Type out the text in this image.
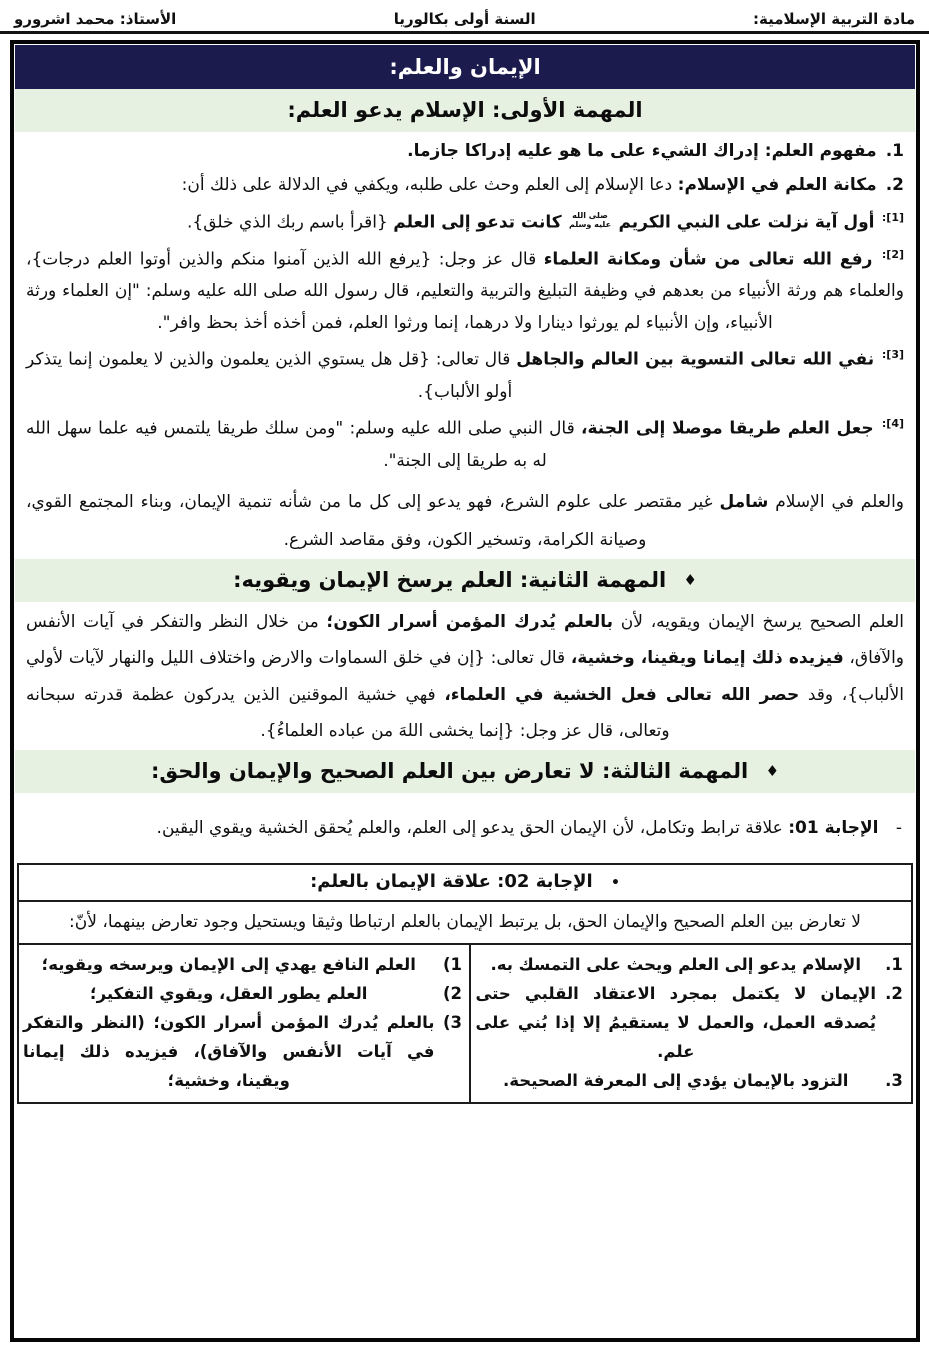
مادة التربية الإسلامية:
السنة أولى بكالوريا
الأستاذ: محمد اشرورو
الإيمان والعلم:
المهمة الأولى: الإسلام يدعو العلم:
1.
مفهوم العلم: إدراك الشيء على ما هو عليه إدراكا جازما.
2.
مكانة العلم في الإسلام: دعا الإسلام إلى العلم وحث على طلبه، ويكفي في الدلالة على ذلك أن:

$^{[1]:}$ أول آية نزلت على النبي الكريم
صلى الله
عليه وسلم
كانت تدعو إلى العلم {اقرأ باسم ربك الذي خلق}.

$^{[2]:}$ رفع الله تعالى من شأن ومكانة العلماء قال عز وجل: {يرفع الله الذين آمنوا منكم والذين أوتوا العلم درجات}، والعلماء هم ورثة الأنبياء من بعدهم في وظيفة التبليغ والتربية والتعليم، قال رسول الله صلى الله عليه وسلم: "إن العلماء ورثة الأنبياء، وإن الأنبياء لم يورثوا دينارا ولا درهما، إنما ورثوا العلم، فمن أخذه أخذ بحظ وافر".

$^{[3]:}$ نفي الله تعالى التسوية بين العالم والجاهل قال تعالى: {قل هل يستوي الذين يعلمون والذين لا يعلمون إنما يتذكر أولو الألباب}.

$^{[4]:}$ جعل العلم طريقا موصلا إلى الجنة، قال النبي صلى الله عليه وسلم: "ومن سلك طريقا يلتمس فيه علما سهل الله له به طريقا إلى الجنة".

والعلم في الإسلام شامل غير مقتصر على علوم الشرع، فهو يدعو إلى كل ما من شأنه تنمية الإيمان، وبناء المجتمع القوي، وصيانة الكرامة، وتسخير الكون، وفق مقاصد الشرع.

♦ المهمة الثانية: العلم يرسخ الإيمان ويقويه:

العلم الصحيح يرسخ الإيمان ويقويه، لأن بالعلم يُدرك المؤمن أسرار الكون؛ من خلال النظر والتفكر في آيات الأنفس والآفاق، فيزيده ذلك إيمانا ويقينا، وخشية، قال تعالى: {إن في خلق السماوات والارض واختلاف الليل والنهار لآيات لأولي الألباب}، وقد حصر الله تعالى فعل الخشية في العلماء، فهي خشية الموقنين الذين يدركون عظمة قدرته سبحانه وتعالى، قال عز وجل: {إنما يخشى اللهَ من عباده العلماءُ}.

♦ المهمة الثالثة: لا تعارض بين العلم الصحيح والإيمان والحق:

- الإجابة 01: علاقة ترابط وتكامل، لأن الإيمان الحق يدعو إلى العلم، والعلم يُحقق الخشية ويقوي اليقين.

• الإجابة 02: علاقة الإيمان بالعلم:
لا تعارض بين العلم الصحيح والإيمان الحق، بل يرتبط الإيمان بالعلم ارتباطا وثيقا ويستحيل وجود تعارض بينهما، لأنّ:
1.
الإسلام يدعو إلى العلم ويحث على التمسك به.
2.
الإيمان لا يكتمل بمجرد الاعتقاد القلبي حتى يُصدقه العمل، والعمل لا يستقيمُ إلا إذا بُني على علم.
3.
التزود بالإيمان يؤدي إلى المعرفة الصحيحة.
1)
العلم النافع يهدي إلى الإيمان ويرسخه ويقويه؛
2)
العلم يطور العقل، ويقوي التفكير؛
3)
بالعلم يُدرك المؤمن أسرار الكون؛ (النظر والتفكر في آيات الأنفس والآفاق)، فيزيده ذلك إيمانا ويقينا، وخشية؛
